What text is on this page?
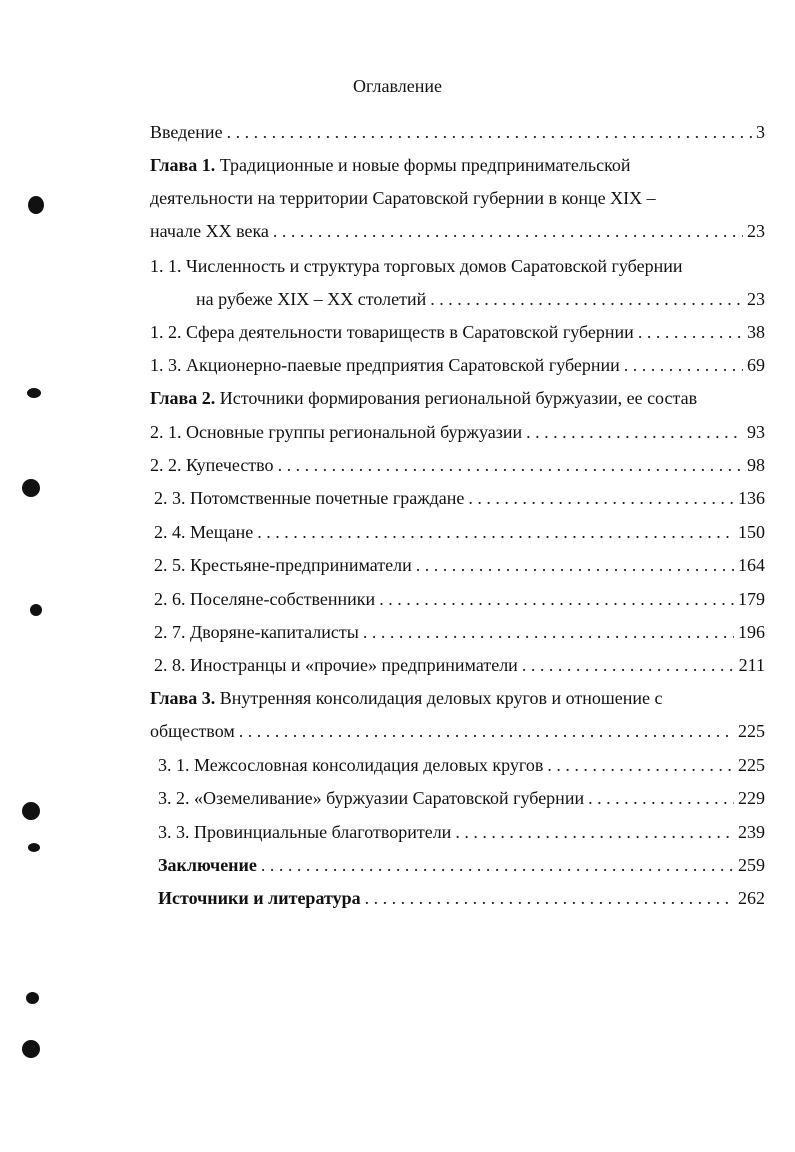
Оглавление
Введение . . .	3
Глава 1. Традиционные и новые формы предпринимательской
деятельности на территории Саратовской губернии в конце XIX –
начале XX века . . .	23
1. 1. Численность и структура торговых домов Саратовской губернии
на рубеже XIX – XX столетий . . .	23
1. 2. Сфера деятельности товариществ в Саратовской губернии . . .	38
1. 3. Акционерно-паевые предприятия Саратовской губернии . . .	69
Глава 2. Источники формирования региональной буржуазии, ее состав
2. 1. Основные группы региональной буржуазии . . .	93
2. 2. Купечество . . .	98
2. 3. Потомственные почетные граждане . . .	136
2. 4. Мещане . . .	150
2. 5. Крестьяне-предприниматели . . .	164
2. 6. Поселяне-собственники . . .	179
2. 7. Дворяне-капиталисты . . .	196
2. 8. Иностранцы и «прочие» предприниматели . . .	211
Глава 3. Внутренняя консолидация деловых кругов и отношение с
обществом . . .	225
3. 1. Межсословная консолидация деловых кругов . . .	225
3. 2. «Оземеливание» буржуазии Саратовской губернии . . .	229
3. 3. Провинциальные благотворители . . .	239
Заключение . . .	259
Источники и литература . . .	262
